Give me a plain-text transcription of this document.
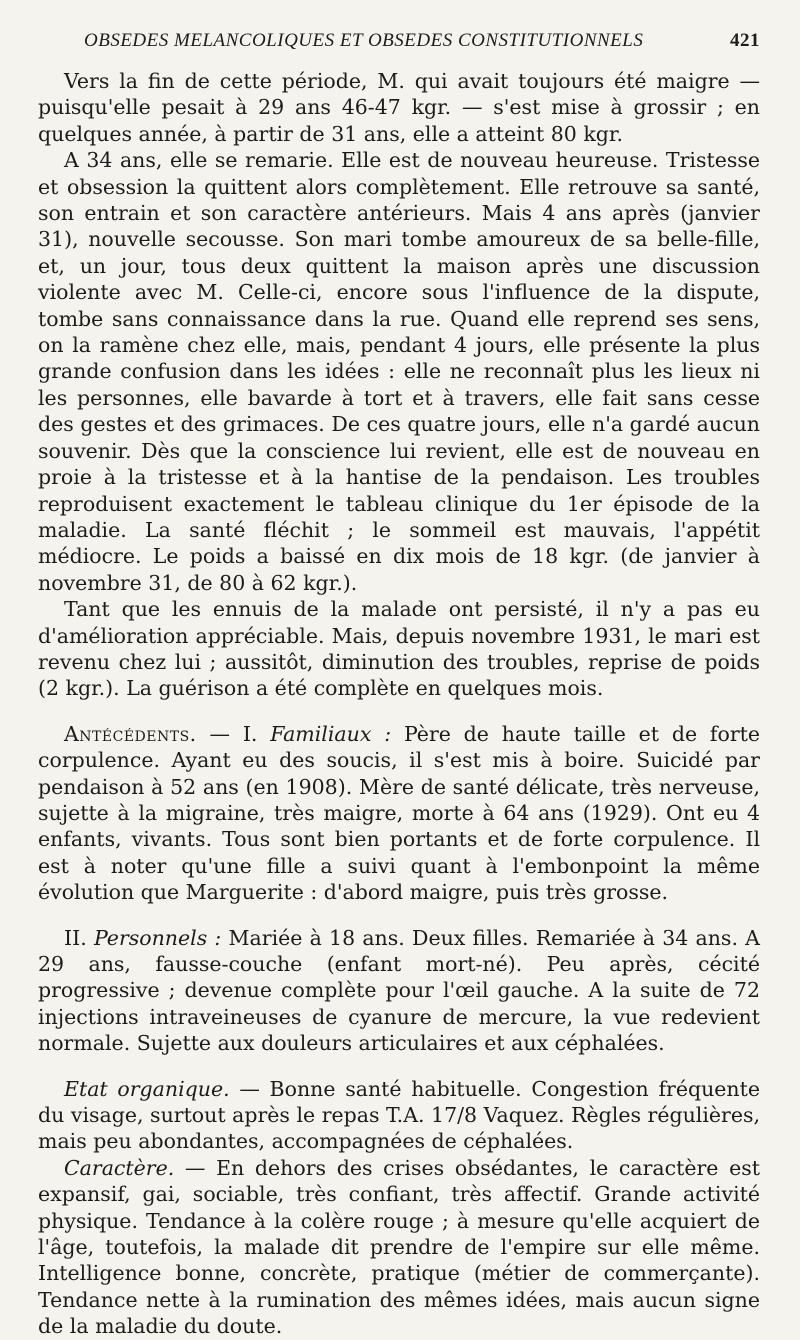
OBSEDES MELANCOLIQUES ET OBSEDES CONSTITUTIONNELS	421

Vers la fin de cette période, M. qui avait toujours été maigre — puisqu'elle pesait à 29 ans 46-47 kgr. — s'est mise à grossir ; en quelques année, à partir de 31 ans, elle a atteint 80 kgr.

A 34 ans, elle se remarie. Elle est de nouveau heureuse. Tristesse et obsession la quittent alors complètement. Elle retrouve sa santé, son entrain et son caractère antérieurs. Mais 4 ans après (janvier 31), nouvelle secousse. Son mari tombe amoureux de sa belle-fille, et, un jour, tous deux quittent la maison après une discussion violente avec M. Celle-ci, encore sous l'influence de la dispute, tombe sans connaissance dans la rue. Quand elle reprend ses sens, on la ramène chez elle, mais, pendant 4 jours, elle présente la plus grande confusion dans les idées : elle ne reconnaît plus les lieux ni les personnes, elle bavarde à tort et à travers, elle fait sans cesse des gestes et des grimaces. De ces quatre jours, elle n'a gardé aucun souvenir. Dès que la conscience lui revient, elle est de nouveau en proie à la tristesse et à la hantise de la pendaison. Les troubles reproduisent exactement le tableau clinique du 1er épisode de la maladie. La santé fléchit ; le sommeil est mauvais, l'appétit médiocre. Le poids a baissé en dix mois de 18 kgr. (de janvier à novembre 31, de 80 à 62 kgr.).

Tant que les ennuis de la malade ont persisté, il n'y a pas eu d'amélioration appréciable. Mais, depuis novembre 1931, le mari est revenu chez lui ; aussitôt, diminution des troubles, reprise de poids (2 kgr.). La guérison a été complète en quelques mois.

Antécédents. — I. Familiaux : Père de haute taille et de forte corpulence. Ayant eu des soucis, il s'est mis à boire. Suicidé par pendaison à 52 ans (en 1908). Mère de santé délicate, très nerveuse, sujette à la migraine, très maigre, morte à 64 ans (1929). Ont eu 4 enfants, vivants. Tous sont bien portants et de forte corpulence. Il est à noter qu'une fille a suivi quant à l'embonpoint la même évolution que Marguerite : d'abord maigre, puis très grosse.

II. Personnels : Mariée à 18 ans. Deux filles. Remariée à 34 ans. A 29 ans, fausse-couche (enfant mort-né). Peu après, cécité progressive ; devenue complète pour l'œil gauche. A la suite de 72 injections intraveineuses de cyanure de mercure, la vue redevient normale. Sujette aux douleurs articulaires et aux céphalées.

Etat organique. — Bonne santé habituelle. Congestion fréquente du visage, surtout après le repas T.A. 17/8 Vaquez. Règles régulières, mais peu abondantes, accompagnées de céphalées.

Caractère. — En dehors des crises obsédantes, le caractère est expansif, gai, sociable, très confiant, très affectif. Grande activité physique. Tendance à la colère rouge ; à mesure qu'elle acquiert de l'âge, toutefois, la malade dit prendre de l'empire sur elle même. Intelligence bonne, concrète, pratique (métier de commerçante). Tendance nette à la rumination des mêmes idées, mais aucun signe de la maladie du doute.
